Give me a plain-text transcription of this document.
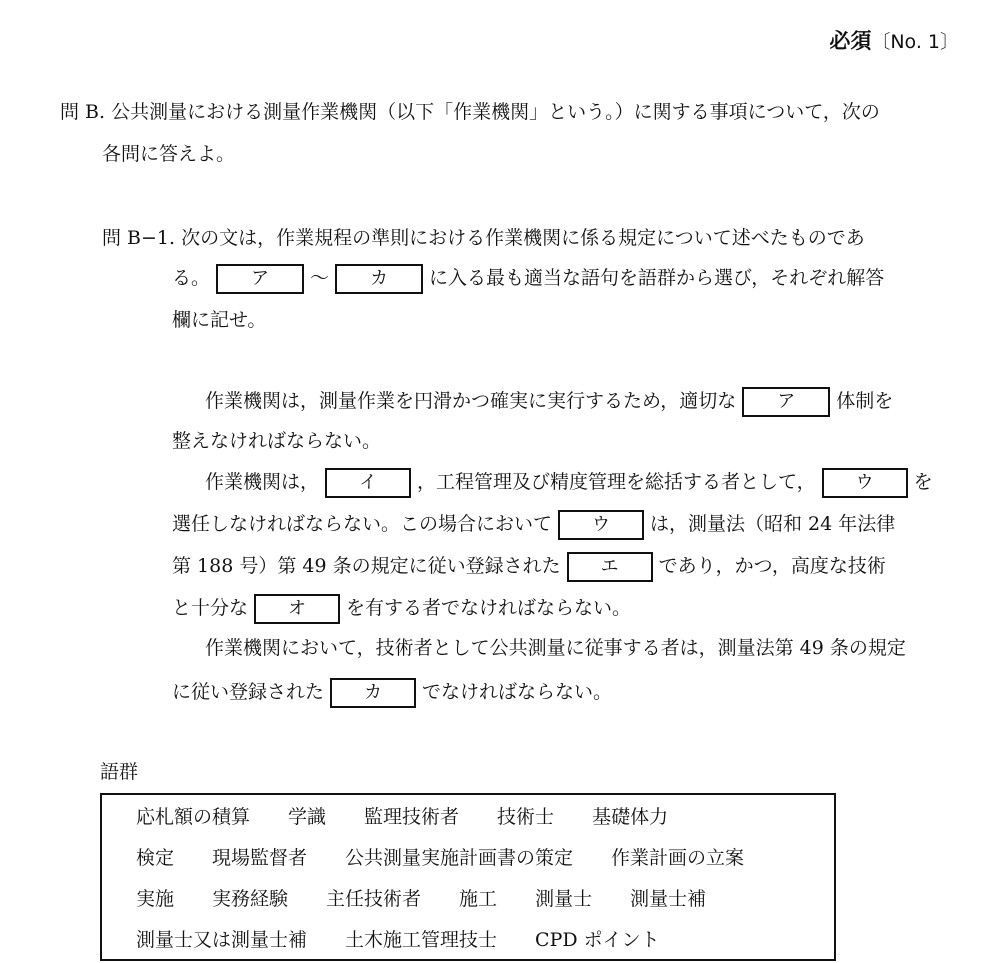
必須〔No. 1〕
問 B. 公共測量における測量作業機関（以下「作業機関」という。）に関する事項について，次の
各問に答えよ。
問 B−1. 次の文は，作業規程の準則における作業機関に係る規定について述べたものであ
る。 ア 〜 カ に入る最も適当な語句を語群から選び，それぞれ解答
欄に記せ。
作業機関は，測量作業を円滑かつ確実に実行するため，適切な ア 体制を
整えなければならない。
作業機関は， イ ，工程管理及び精度管理を総括する者として， ウ を
選任しなければならない。この場合において ウ は，測量法（昭和 24 年法律
第 188 号）第 49 条の規定に従い登録された エ であり，かつ，高度な技術
と十分な オ を有する者でなければならない。
作業機関において，技術者として公共測量に従事する者は，測量法第 49 条の規定
に従い登録された カ でなければならない。
語群
応札額の積算 学識 監理技術者 技術士 基礎体力
検定 現場監督者 公共測量実施計画書の策定 作業計画の立案
実施 実務経験 主任技術者 施工 測量士 測量士補
測量士又は測量士補 土木施工管理技士 CPD ポイント
